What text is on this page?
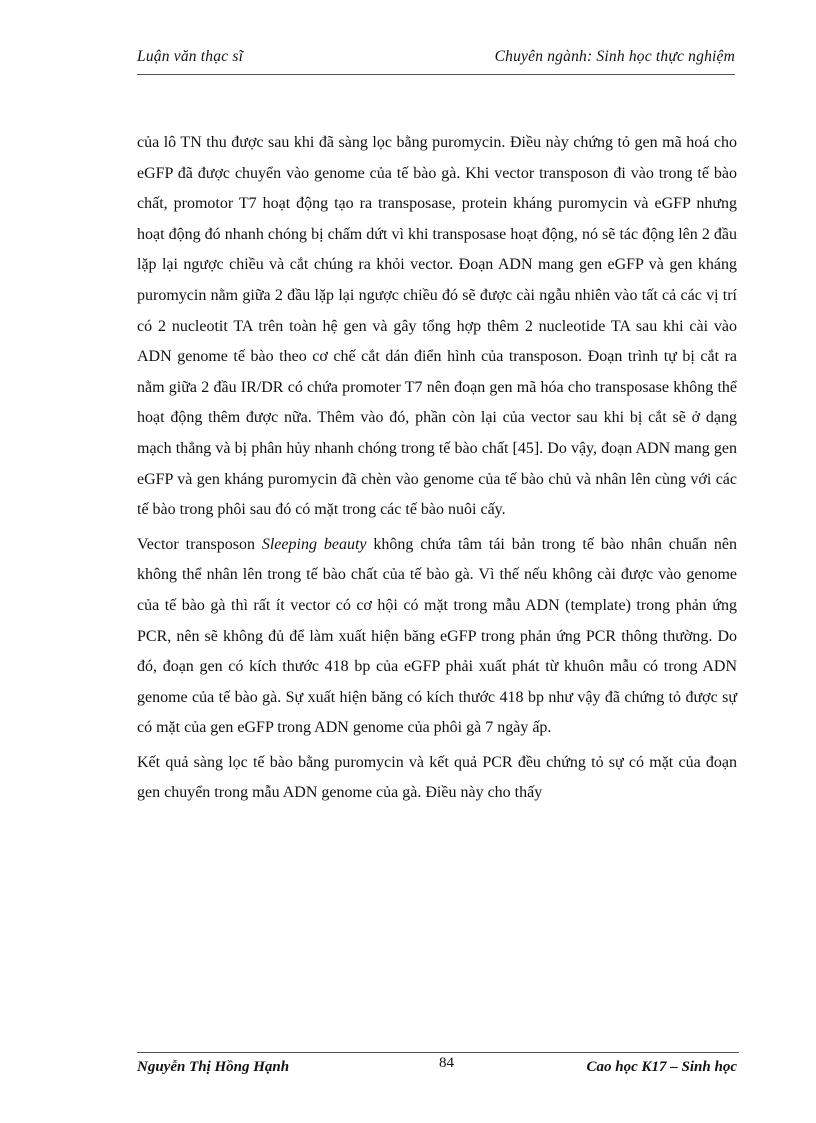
Luận văn thạc sĩ	Chuyên ngành: Sinh học thực nghiệm

của lô TN thu được sau khi đã sàng lọc bằng puromycin. Điều này chứng tỏ gen mã hoá cho eGFP đã được chuyển vào genome của tế bào gà. Khi vector transposon đi vào trong tế bào chất, promotor T7 hoạt động tạo ra transposase, protein kháng puromycin và eGFP nhưng hoạt động đó nhanh chóng bị chấm dứt vì khi transposase hoạt động, nó sẽ tác động lên 2 đầu lặp lại ngược chiều và cắt chúng ra khỏi vector. Đoạn ADN mang gen eGFP và gen kháng puromycin nằm giữa 2 đầu lặp lại ngược chiều đó sẽ được cài ngẫu nhiên vào tất cả các vị trí có 2 nucleotit TA trên toàn hệ gen và gây tổng hợp thêm 2 nucleotide TA sau khi cài vào ADN genome tế bào theo cơ chế cắt dán điển hình của transposon. Đoạn trình tự bị cắt ra nằm giữa 2 đầu IR/DR có chứa promoter T7 nên đoạn gen mã hóa cho transposase không thể hoạt động thêm được nữa. Thêm vào đó, phần còn lại của vector sau khi bị cắt sẽ ở dạng mạch thẳng và bị phân hủy nhanh chóng trong tế bào chất [45]. Do vậy, đoạn ADN mang gen eGFP và gen kháng puromycin đã chèn vào genome của tế bào chủ và nhân lên cùng với các tế bào trong phôi sau đó có mặt trong các tế bào nuôi cấy.

Vector transposon Sleeping beauty không chứa tâm tái bản trong tế bào nhân chuẩn nên không thể nhân lên trong tế bào chất của tế bào gà. Vì thế nếu không cài được vào genome của tế bào gà thì rất ít vector có cơ hội có mặt trong mẫu ADN (template) trong phản ứng PCR, nên sẽ không đủ để làm xuất hiện băng eGFP trong phản ứng PCR thông thường. Do đó, đoạn gen có kích thước 418 bp của eGFP phải xuất phát từ khuôn mẫu có trong ADN genome của tế bào gà. Sự xuất hiện băng có kích thước 418 bp như vậy đã chứng tỏ được sự có mặt của gen eGFP trong ADN genome của phôi gà 7 ngày ấp.

Kết quả sàng lọc tế bào bằng puromycin và kết quả PCR đều chứng tỏ sự có mặt của đoạn gen chuyển trong mẫu ADN genome của gà. Điều này cho thấy

Nguyễn Thị Hồng Hạnh	84	Cao học K17 – Sinh học
